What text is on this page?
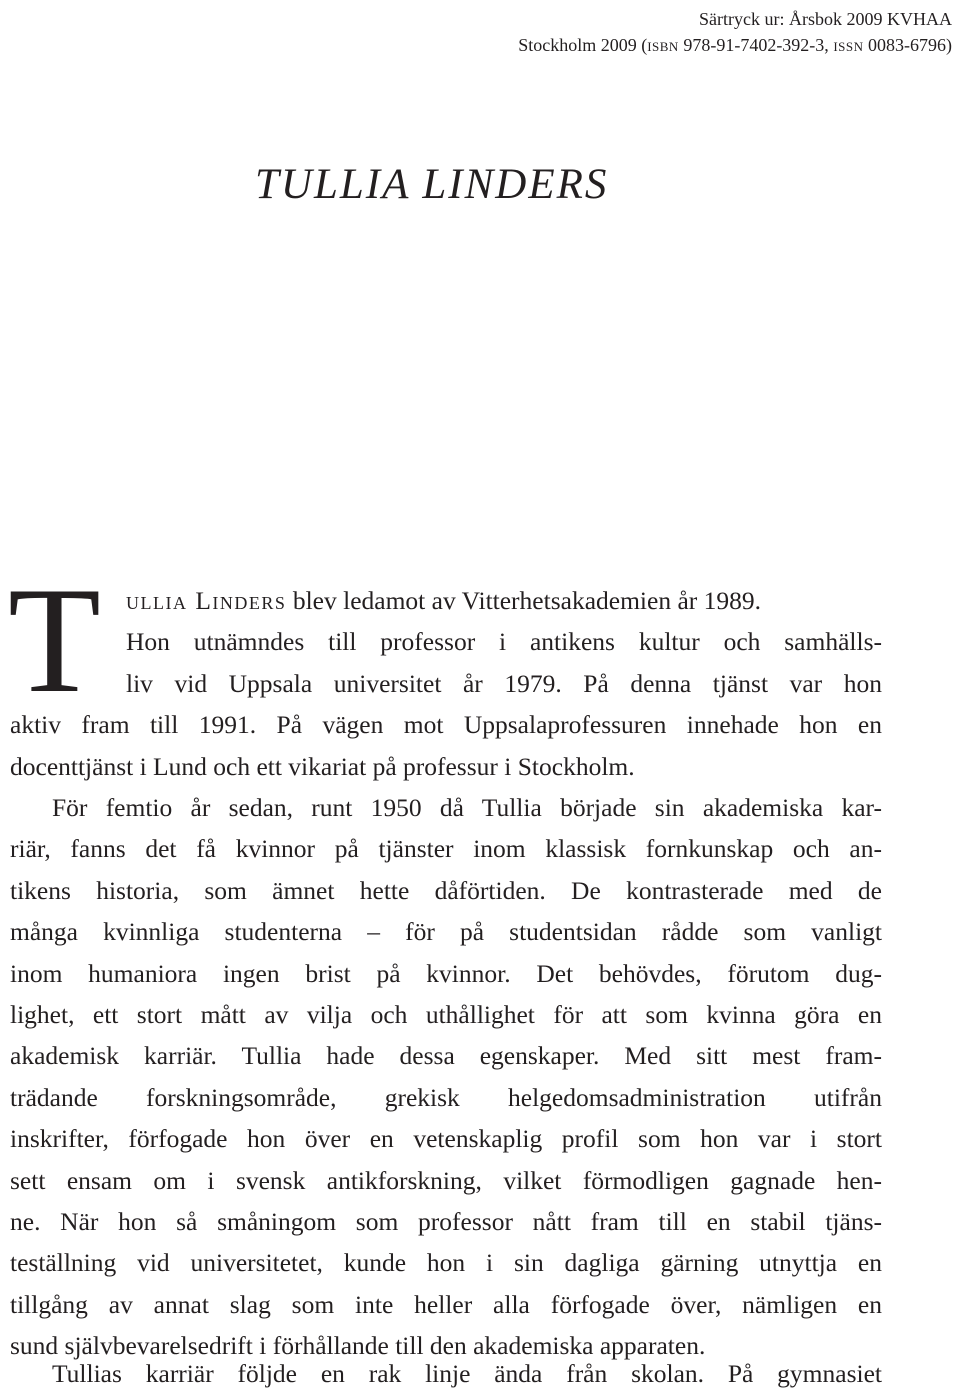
Särtryck ur: Årsbok 2009 KVHAA
Stockholm 2009 (isbn 978-91-7402-392-3, issn 0083-6796)
TULLIA LINDERS
T ullia Linders blev ledamot av Vitterhetsakademien år 1989.
Hon utnämndes till professor i antikens kultur och samhälls-
liv vid Uppsala universitet år 1979. På denna tjänst var hon
aktiv fram till 1991. På vägen mot Uppsalaprofessuren innehade hon en
docenttjänst i Lund och ett vikariat på professur i Stockholm.
För femtio år sedan, runt 1950 då Tullia började sin akademiska kar-
riär, fanns det få kvinnor på tjänster inom klassisk fornkunskap och an-
tikens historia, som ämnet hette dåförtiden. De kontrasterade med de
många kvinnliga studenterna – för på studentsidan rådde som vanligt
inom humaniora ingen brist på kvinnor. Det behövdes, förutom dug-
lighet, ett stort mått av vilja och uthållighet för att som kvinna göra en
akademisk karriär. Tullia hade dessa egenskaper. Med sitt mest fram-
trädande forskningsområde, grekisk helgedomsadministration utifrån
inskrifter, förfogade hon över en vetenskaplig profil som hon var i stort
sett ensam om i svensk antikforskning, vilket förmodligen gagnade hen-
ne. När hon så småningom som professor nått fram till en stabil tjäns-
teställning vid universitetet, kunde hon i sin dagliga gärning utnyttja en
tillgång av annat slag som inte heller alla förfogade över, nämligen en
sund självbevarelsedrift i förhållande till den akademiska apparaten.
Tullias karriär följde en rak linje ända från skolan. På gymnasiet
